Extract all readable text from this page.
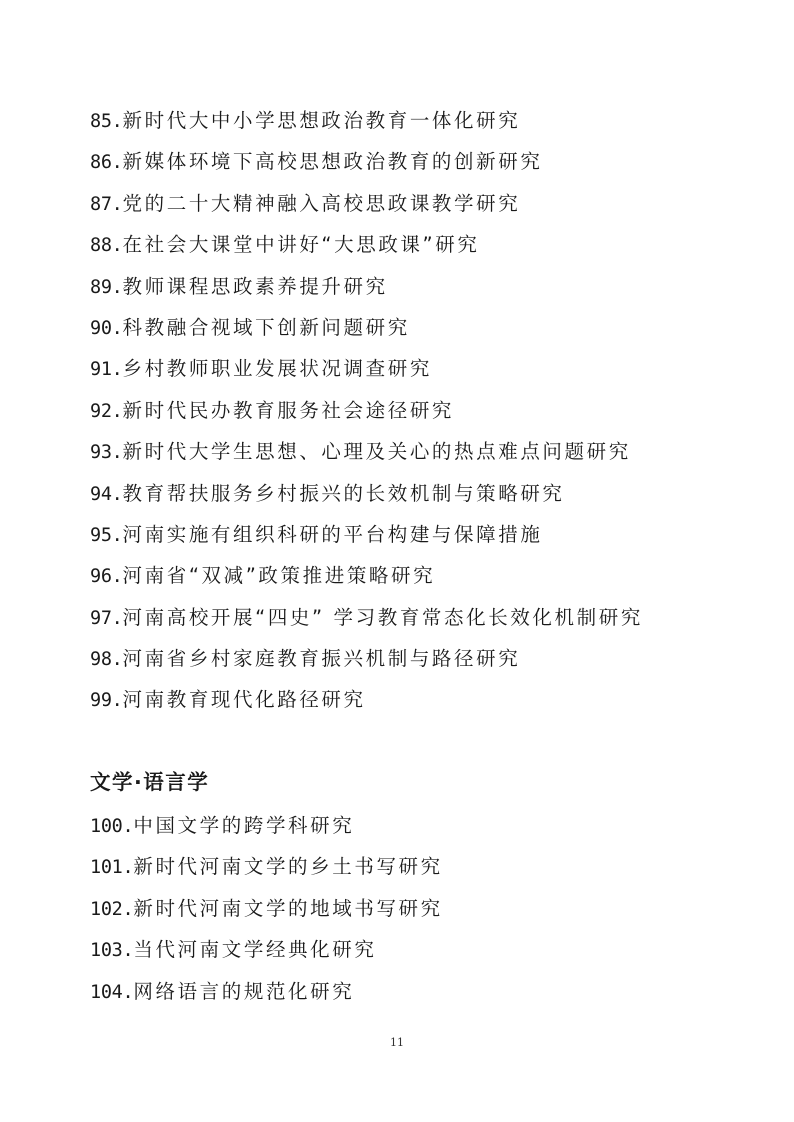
85.新时代大中小学思想政治教育一体化研究
86.新媒体环境下高校思想政治教育的创新研究
87.党的二十大精神融入高校思政课教学研究
88.在社会大课堂中讲好“大思政课”研究
89.教师课程思政素养提升研究
90.科教融合视域下创新问题研究
91.乡村教师职业发展状况调查研究
92.新时代民办教育服务社会途径研究
93.新时代大学生思想、心理及关心的热点难点问题研究
94.教育帮扶服务乡村振兴的长效机制与策略研究
95.河南实施有组织科研的平台构建与保障措施
96.河南省“双减”政策推进策略研究
97.河南高校开展“四史” 学习教育常态化长效化机制研究
98.河南省乡村家庭教育振兴机制与路径研究
99.河南教育现代化路径研究
文学·语言学
100.中国文学的跨学科研究
101.新时代河南文学的乡土书写研究
102.新时代河南文学的地域书写研究
103.当代河南文学经典化研究
104.网络语言的规范化研究
11
